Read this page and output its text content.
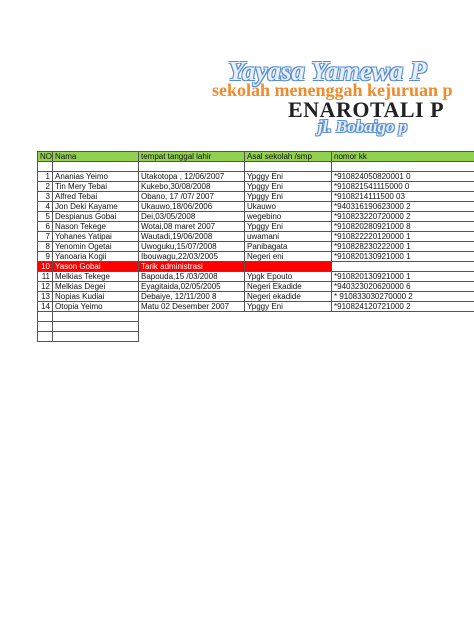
Yayasa Yamewa P
sekolah menenggah kejuruan p
ENAROTALI P
jl. Bobaigo p
NO	Nama	tempat tanggal lahir	Asal sekolah /smp	nomor kk

1	Ananias Yeimo	Utakotopa , 12/06/2007	Ypggy Eni	*910824050820001 0
2	Tin Mery Tebai	Kukebo,30/08/2008	Ypggy Eni	*910821541115000 0
3	Alfred Tebai	Obano, 17 /07/ 2007	Ypggy Eni	*9108214111500 03
4	Jon Deki Kayame	Ukauwo,18/06/2006	Ukauwo	*940316190623000 2
5	Despianus Gobai	Dei,03/05/2008	wegebino	*910823220720000 2
6	Nason Tekege	Wotai,08 maret 2007	Ypggy Eni	*910820280921000 8
7	Yohanes Yatipai	Wautadi,19/06/2008	uwamani	*910822220120000 1
8	Yenomin Ogetai	Uwoguku,15/07/2008	Panibagata	*910828230222000 1
9	Yanoaria Kogii	Ibouwagu,22/03/2005	Negeri eni	*910820130921000 1
10	Yason Gobai	Tarik administrasi		
11	Melkias Tekege	Bapouda,15 /03/2008	Ypgk Epouto	*910820130921000 1
12	Melkias Degei	Eyagitaida,02/05/2005	Negeri Ekadide	*940323020620000 6
13	Nopias Kudiai	Debaiye, 12/11/200 8	Negeri ekadide	* 910833030270000 2
14	Otopia Yeimo	Matu 02 Desember 2007	Ypggy Eni	*910824120721000 2
